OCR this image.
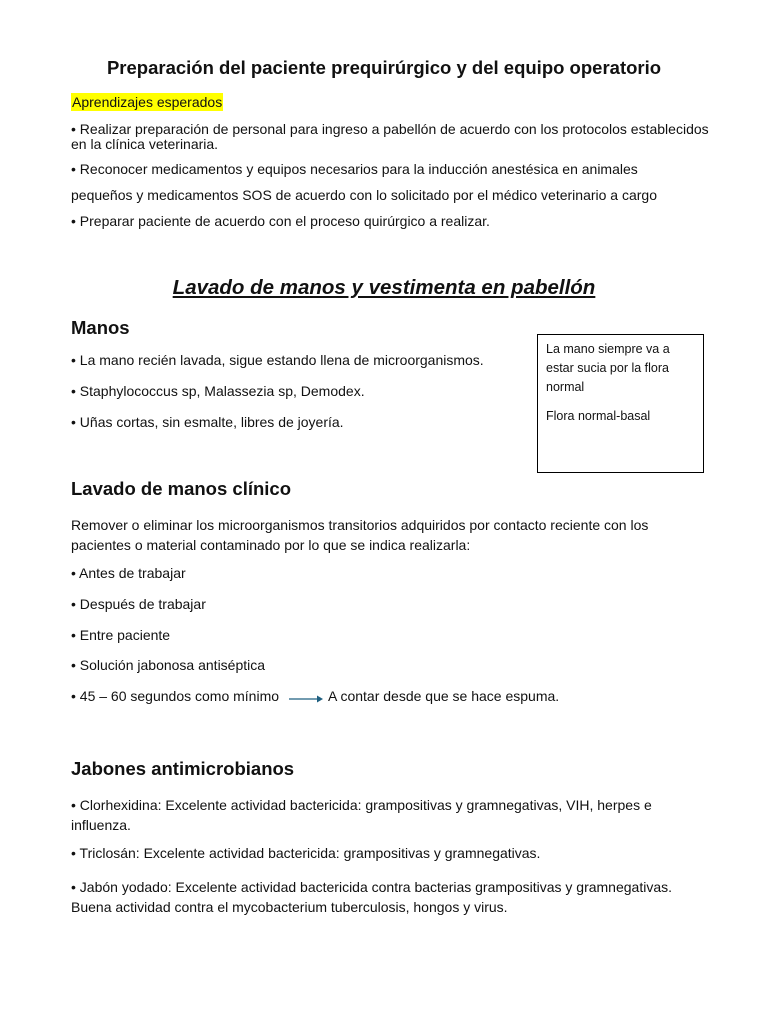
Preparación del paciente prequirúrgico y del equipo operatorio
Aprendizajes esperados
• Realizar preparación de personal para ingreso a pabellón de acuerdo con los protocolos establecidos en la clínica veterinaria.
• Reconocer medicamentos y equipos necesarios para la inducción anestésica en animales
pequeños y medicamentos SOS de acuerdo con lo solicitado por el médico veterinario a cargo
• Preparar paciente de acuerdo con el proceso quirúrgico a realizar.
Lavado de manos y vestimenta en pabellón
Manos
• La mano recién lavada, sigue estando llena de microorganismos.
• Staphylococcus sp, Malassezia sp, Demodex.
• Uñas cortas, sin esmalte, libres de joyería.

La mano siempre va a estar sucia por la flora normal

Flora normal-basal

Lavado de manos clínico
Remover o eliminar los microorganismos transitorios adquiridos por contacto reciente con los pacientes o material contaminado por lo que se indica realizarla:
• Antes de trabajar
• Después de trabajar
• Entre paciente
• Solución jabonosa antiséptica
• 45 – 60 segundos como mínimo	A contar desde que se hace espuma.
Jabones antimicrobianos
• Clorhexidina: Excelente actividad bactericida: grampositivas y gramnegativas, VIH, herpes e influenza.
• Triclosán: Excelente actividad bactericida: grampositivas y gramnegativas.
• Jabón yodado: Excelente actividad bactericida contra bacterias grampositivas y gramnegativas. Buena actividad contra el mycobacterium tuberculosis, hongos y virus.
